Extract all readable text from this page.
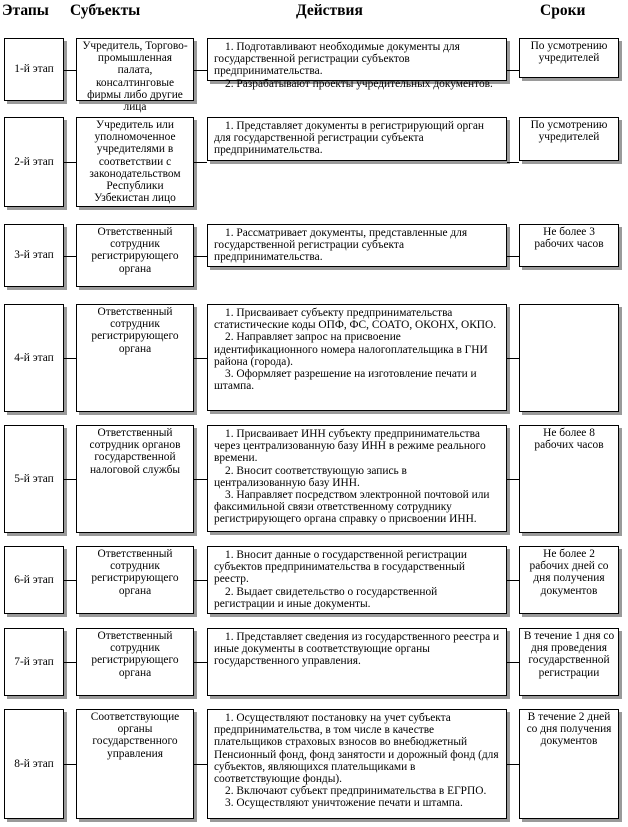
Этапы Субъекты	Действия	Сроки
1-й этап
Учредитель, Торгово-промышленная палата, консалтинговые фирмы либо другие лица

1. Подготавливают необходимые документы для государственной регистрации субъектов предпринимательства.

2. Разрабатывают проекты учредительных документов.

По усмотрению учредителей
2-й этап
Учредитель или уполномоченное учредителями в соответствии с законодательством Республики Узбекистан лицо

1. Представляет документы в регистрирующий орган для государственной регистрации субъекта предпринимательства.

По усмотрению учредителей
3-й этап
Ответственный сотрудник регистрирующего органа

1. Рассматривает документы, представленные для государственной регистрации субъекта предпринимательства.

Не более 3 рабочих часов
4-й этап
Ответственный сотрудник регистрирующего органа

1. Присваивает субъекту предпринимательства статистические коды ОПФ, ФС, СОАТО, ОКОНХ, ОКПО.

2. Направляет запрос на присвоение идентификационного номера налогоплательщика в ГНИ района (города).

3. Оформляет разрешение на изготовление печати и штампа.

5-й этап
Ответственный сотрудник органов государственной налоговой службы

1. Присваивает ИНН субъекту предпринимательства через централизованную базу ИНН в режиме реального времени.

2. Вносит соответствующую запись в централизованную базу ИНН.

3. Направляет посредством электронной почтовой или факсимильной связи ответственному сотруднику регистрирующего органа справку о присвоении ИНН.

Не более 8 рабочих часов
6-й этап
Ответственный сотрудник регистрирующего органа

1. Вносит данные о государственной регистрации субъектов предпринимательства в государственный реестр.

2. Выдает свидетельство о государственной регистрации и иные документы.

Не более 2 рабочих дней со дня получения документов
7-й этап
Ответственный сотрудник регистрирующего органа

1. Представляет сведения из государственного реестра и иные документы в соответствующие органы государственного управления.

В течение 1 дня со дня проведения государственной регистрации
8-й этап
Соответствующие органы государственного управления

1. Осуществляют постановку на учет субъекта предпринимательства, в том числе в качестве плательщиков страховых взносов во внебюджетный Пенсионный фонд, фонд занятости и дорожный фонд (для субъектов, являющихся плательщиками в соответствующие фонды).

2. Включают субъект предпринимательства в ЕГРПО.

3. Осуществляют уничтожение печати и штампа.

В течение 2 дней со дня получения документов
